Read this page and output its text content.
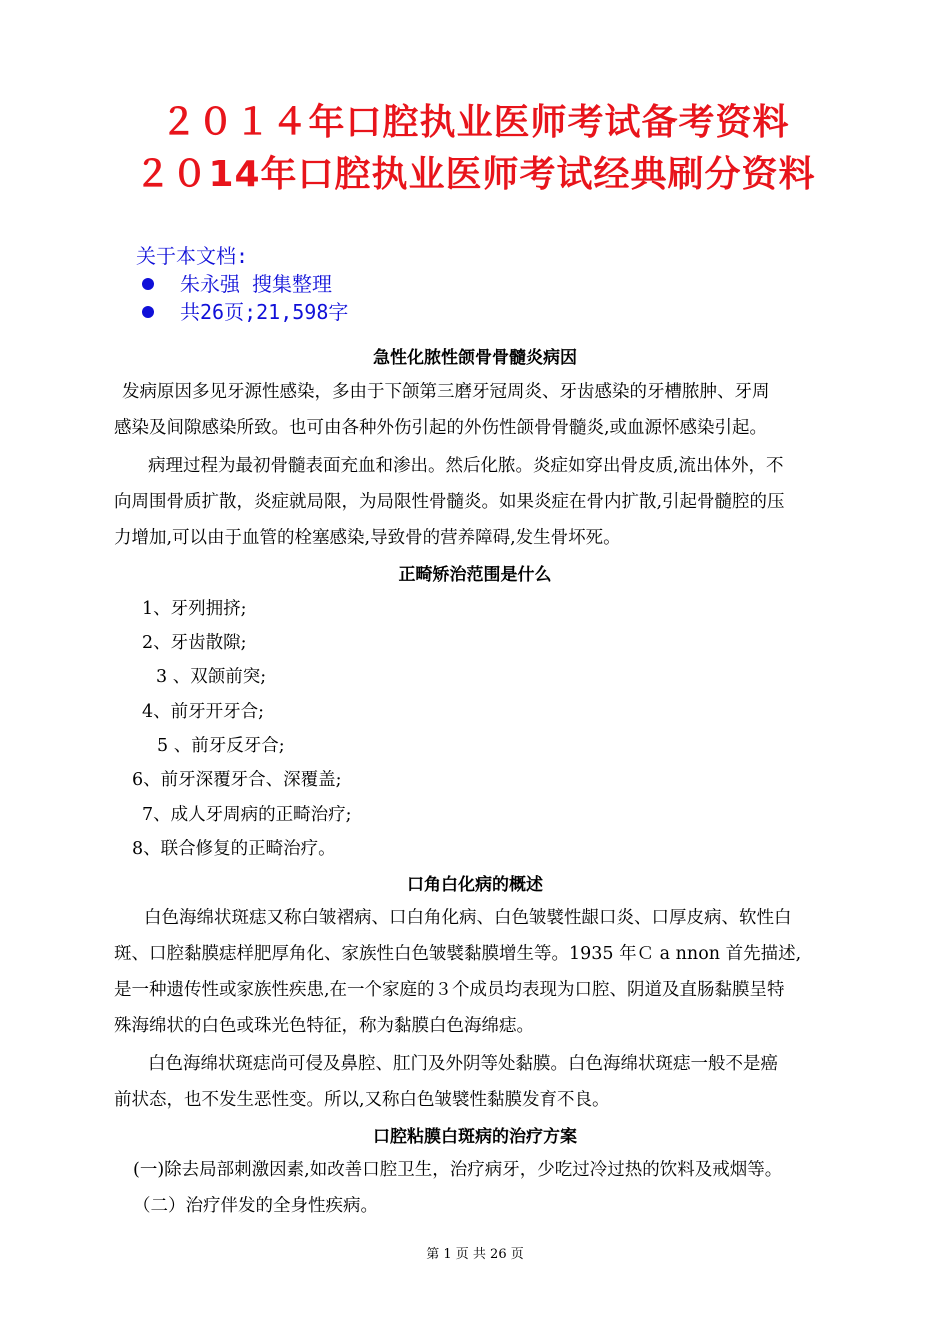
２０１４年口腔执业医师考试备考资料
２０14年口腔执业医师考试经典刷分资料
关于本文档:
朱永强 搜集整理
共26页;21,598字
急性化脓性颌骨骨髓炎病因
发病原因多见牙源性感染，多由于下颌第三磨牙冠周炎、牙齿感染的牙槽脓肿、牙周
感染及间隙感染所致。也可由各种外伤引起的外伤性颌骨骨髓炎,或血源怀感染引起。
病理过程为最初骨髓表面充血和渗出。然后化脓。炎症如穿出骨皮质,流出体外，不
向周围骨质扩散，炎症就局限，为局限性骨髓炎。如果炎症在骨内扩散,引起骨髓腔的压
力增加,可以由于血管的栓塞感染,导致骨的营养障碍,发生骨坏死。
正畸矫治范围是什么
1、牙列拥挤;
2、牙齿散隙;
3 、双颌前突;
4、前牙开牙合;
5 、前牙反牙合;
6、前牙深覆牙合、深覆盖;
7、成人牙周病的正畸治疗;
8、联合修复的正畸治疗。
口角白化病的概述
白色海绵状斑痣又称白皱褶病、口白角化病、白色皱襞性龈口炎、口厚皮病、软性白
斑、口腔黏膜痣样肥厚角化、家族性白色皱襞黏膜增生等。1935 年Ｃ a nnon 首先描述,
是一种遗传性或家族性疾患,在一个家庭的３个成员均表现为口腔、阴道及直肠黏膜呈特
殊海绵状的白色或珠光色特征，称为黏膜白色海绵痣。
白色海绵状斑痣尚可侵及鼻腔、肛门及外阴等处黏膜。白色海绵状斑痣一般不是癌
前状态，也不发生恶性变。所以,又称白色皱襞性黏膜发育不良。
口腔粘膜白斑病的治疗方案
(一)除去局部刺激因素,如改善口腔卫生，治疗病牙，少吃过冷过热的饮料及戒烟等。
（二）治疗伴发的全身性疾病。
第 1 页 共 26 页
